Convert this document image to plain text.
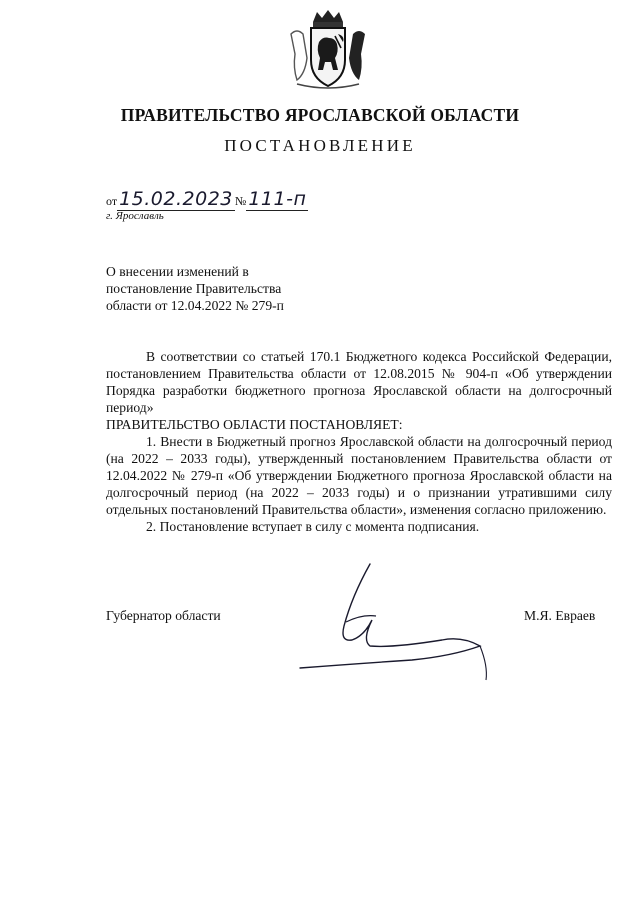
ПРАВИТЕЛЬСТВО ЯРОСЛАВСКОЙ ОБЛАСТИ
ПОСТАНОВЛЕНИЕ
от 15.02.2023 № 111-п
г. Ярославль
О внесении изменений в
постановление Правительства
области от 12.04.2022 № 279-п

В соответствии со статьей 170.1 Бюджетного кодекса Российской Федерации, постановлением Правительства области от 12.08.2015 № 904-п «Об утверждении Порядка разработки бюджетного прогноза Ярославской области на долгосрочный период»

ПРАВИТЕЛЬСТВО ОБЛАСТИ ПОСТАНОВЛЯЕТ:

1. Внести в Бюджетный прогноз Ярославской области на долгосрочный период (на 2022 – 2033 годы), утвержденный постановлением Правительства области от 12.04.2022 № 279-п «Об утверждении Бюджетного прогноза Ярославской области на долгосрочный период (на 2022 – 2033 годы) и о признании утратившими силу отдельных постановлений Правительства области», изменения согласно приложению.

2. Постановление вступает в силу с момента подписания.

Губернатор области	М.Я. Евраев
